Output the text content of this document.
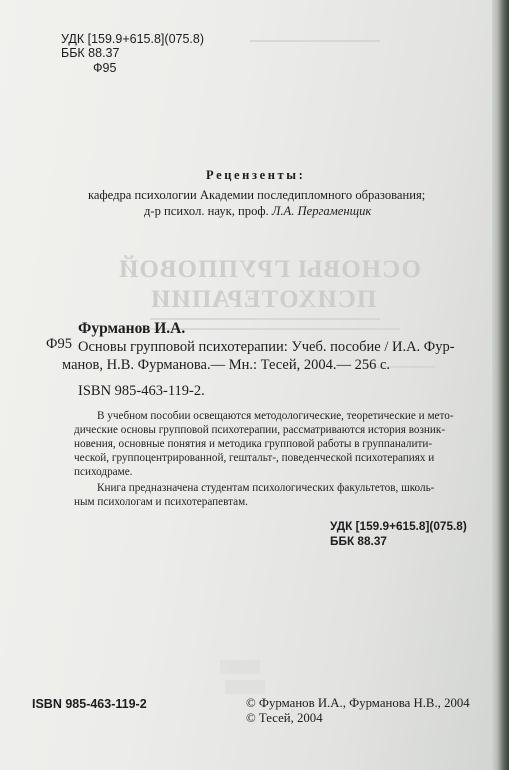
ОСНОВЫ ГРУППОВОЙ
ПСИХОТЕРАПИИ
УДК [159.9+615.8](075.8)
ББК 88.37
Ф95
Рецензенты:
кафедра психологии Академии последипломного образования;
д-р психол. наук, проф. Л.А. Пергаменщик
Фурманов И.А.
Ф95 Основы групповой психотерапии: Учеб. пособие / И.А. Фур-
манов, Н.В. Фурманова.— Мн.: Тесей, 2004.— 256 с.
ISBN 985-463-119-2.
В учебном пособии освещаются методологические, теоретические и мето-
дические основы групповой психотерапии, рассматриваются история возник-
новения, основные понятия и методика групповой работы в группаналити-
ческой, группоцентрированной, гештальт-, поведенческой психотерапиях и
психодраме.
Книга предназначена студентам психологических факультетов, школь-
ным психологам и психотерапевтам.
УДК [159.9+615.8](075.8)
ББК 88.37
ISBN 985-463-119-2	© Фурманов И.А., Фурманова Н.В., 2004
© Тесей, 2004
